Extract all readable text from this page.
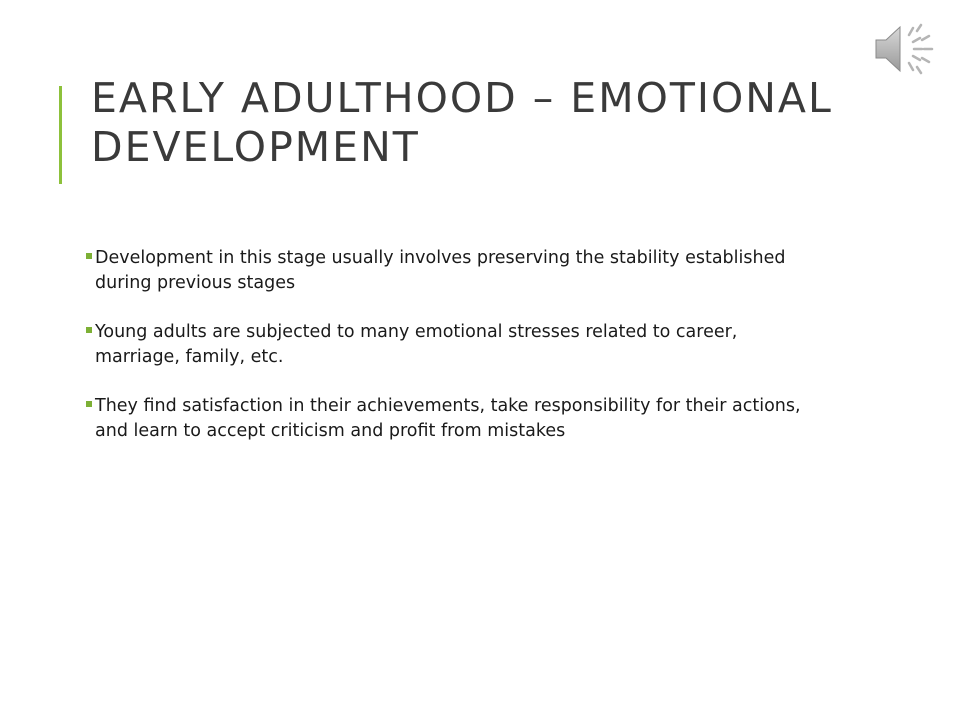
EARLY ADULTHOOD – EMOTIONAL DEVELOPMENT
Development in this stage usually involves preserving the stability established during previous stages
Young adults are subjected to many emotional stresses related to career, marriage, family, etc.
They find satisfaction in their achievements, take responsibility for their actions, and learn to accept criticism and profit from mistakes
